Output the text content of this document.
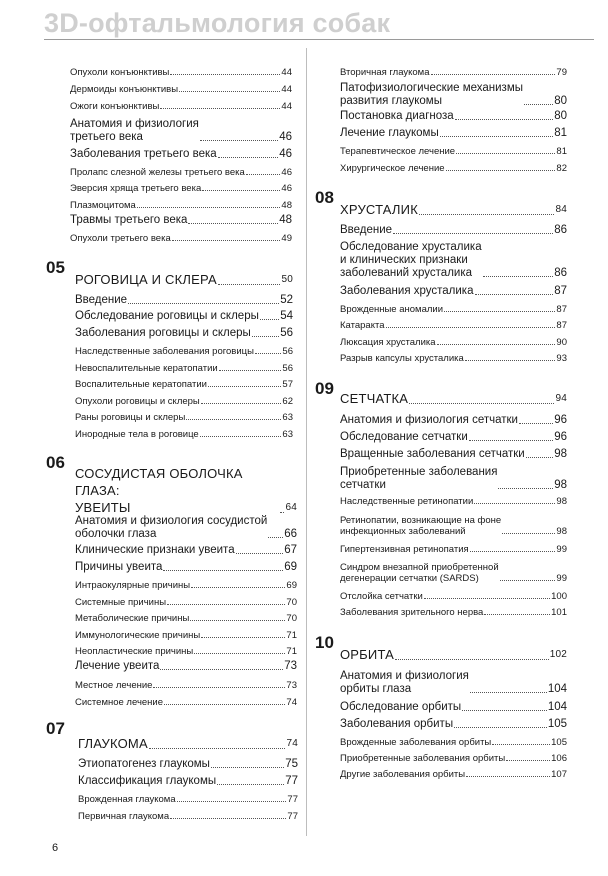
3D-офтальмология собак
Опухоли конъюнктивы	44
Дермоиды конъюнктивы	44
Ожоги конъюнктивы	44
Анатомия и физиология
третьего века	46
Заболевания третьего века	46
Пролапс слезной железы третьего века	46
Эверсия хряща третьего века	46
Плазмоцитома	48
Травмы третьего века	48
Опухоли третьего века	49
05
РОГОВИЦА И СКЛЕРА	50
Введение	52
Обследование роговицы и склеры 54
Заболевания роговицы и склеры	56
Наследственные заболевания роговицы	56
Невоспалительные кератопатии	56
Воспалительные кератопатии	57
Опухоли роговицы и склеры	62
Раны роговицы и склеры	63
Инородные тела в роговице	63
06
СОСУДИСТАЯ ОБОЛОЧКА ГЛАЗА:
УВЕИТЫ	64
Анатомия и физиология сосудистой
оболочки глаза	66
Клинические признаки увеита	67
Причины увеита	69
Интраокулярные причины	69
Системные причины	70
Метаболические причины	70
Иммунологические причины	71
Неопластические причины	71
Лечение увеита	73
Местное лечение	73
Системное лечение	74
07
ГЛАУКОМА	74
Этиопатогенез глаукомы	75
Классификация глаукомы	77
Врожденная глаукома	77
Первичная глаукома	77
Вторичная глаукома	79
Патофизиологические механизмы
развития глаукомы	80
Постановка диагноза	80
Лечение глаукомы	81
Терапевтическое лечение	81
Хирургическое лечение	82
08
ХРУСТАЛИК	84
Введение	86
Обследование хрусталика
и клинических признаки
заболеваний хрусталика	86
Заболевания хрусталика	87
Врожденные аномалии	87
Катаракта	87
Люксация хрусталика	90
Разрыв капсулы хрусталика	93
09
СЕТЧАТКА	94
Анатомия и физиология сетчатки	96
Обследование сетчатки	96
Вращенные заболевания сетчатки	98
Приобретенные заболевания
сетчатки	98
Наследственные ретинопатии	98
Ретинопатии, возникающие на фоне
инфекционных заболеваний	98
Гипертензивная ретинопатия	99
Синдром внезапной приобретенной
дегенерации сетчатки (SARDS)	99
Отслойка сетчатки	100
Заболевания зрительного нерва	101
10
ОРБИТА	102
Анатомия и физиология
орбиты глаза	104
Обследование орбиты	104
Заболевания орбиты	105
Врожденные заболевания орбиты	105
Приобретенные заболевания орбиты	106
Другие заболевания орбиты	107
6
